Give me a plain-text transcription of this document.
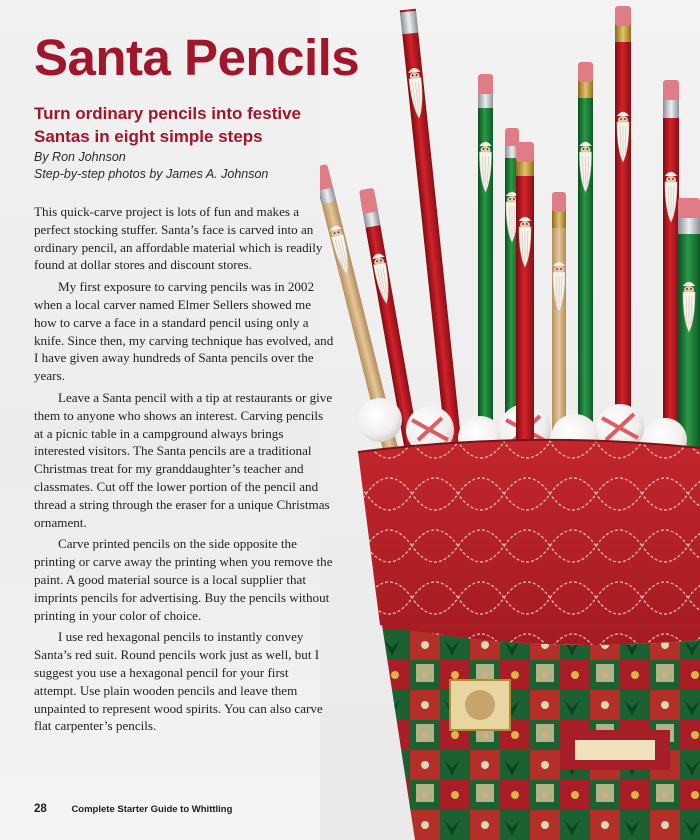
Santa Pencils
Turn ordinary pencils into festive Santas in eight simple steps
By Ron Johnson
Step-by-step photos by James A. Johnson

This quick-carve project is lots of fun and makes a perfect stocking stuffer. Santa’s face is carved into an ordinary pencil, an affordable material which is readily found at dollar stores and discount stores.

My first exposure to carving pencils was in 2002 when a local carver named Elmer Sellers showed me how to carve a face in a standard pencil using only a knife. Since then, my carving technique has evolved, and I have given away hundreds of Santa pencils over the years.

Leave a Santa pencil with a tip at restaurants or give them to anyone who shows an interest. Carving pencils at a picnic table in a campground always brings interested visitors. The Santa pencils are a traditional Christmas treat for my granddaughter’s teacher and classmates. Cut off the lower portion of the pencil and thread a string through the eraser for a unique Christmas ornament.

Carve printed pencils on the side opposite the printing or carve away the printing when you remove the paint. A good material source is a local supplier that imprints pencils for advertising. Buy the pencils without printing in your color of choice.

I use red hexagonal pencils to instantly convey Santa’s red suit. Round pencils work just as well, but I suggest you use a hexagonal pencil for your first attempt. Use plain wooden pencils and leave them unpainted to represent wood spirits. You can also carve flat carpenter’s pencils.

28	Complete Starter Guide to Whittling
